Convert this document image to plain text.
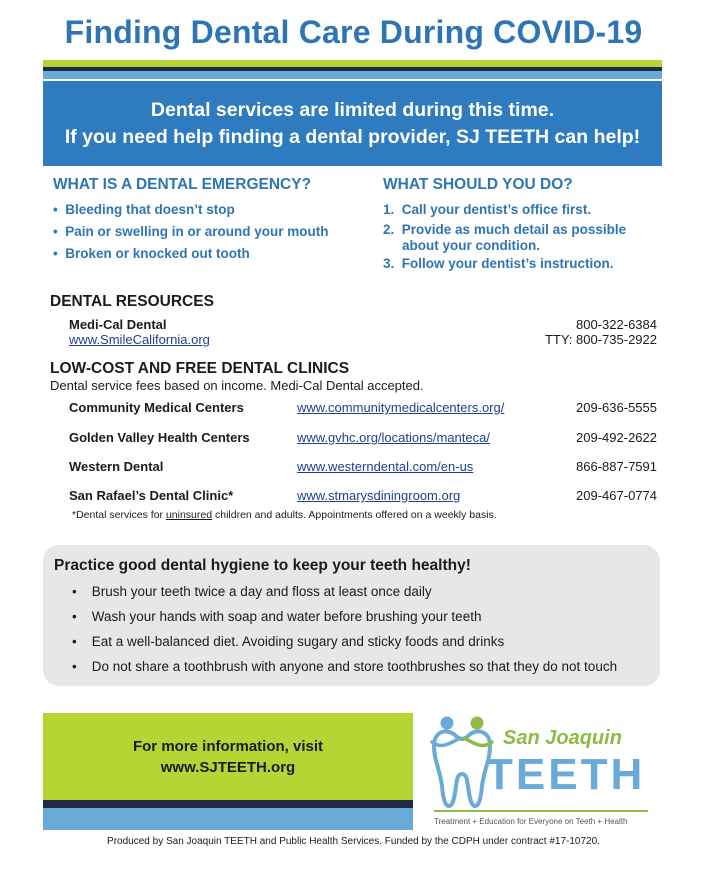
Finding Dental Care During COVID-19
Dental services are limited during this time.
If you need help finding a dental provider, SJ TEETH can help!
WHAT IS A DENTAL EMERGENCY?
•  Bleeding that doesn’t stop
•  Pain or swelling in or around your mouth
•  Broken or knocked out tooth
WHAT SHOULD YOU DO?
1. Call your dentist’s office first.
2. Provide as much detail as possible
about your condition.
3. Follow your dentist’s instruction.
DENTAL RESOURCES
Medi-Cal Dental
www.SmileCalifornia.org
800-322-6384
TTY: 800-735-2922
LOW-COST AND FREE DENTAL CLINICS
Dental service fees based on income. Medi-Cal Dental accepted.
Community Medical Centers	www.communitymedicalcenters.org/	209-636-5555
Golden Valley Health Centers	www.gvhc.org/locations/manteca/	209-492-2622
Western Dental	www.westerndental.com/en-us	866-887-7591
San Rafael’s Dental Clinic*	www.stmarysdiningroom.org	209-467-0774
*Dental services for uninsured children and adults. Appointments offered on a weekly basis.
Practice good dental hygiene to keep your teeth healthy!
•    Brush your teeth twice a day and floss at least once daily
•    Wash your hands with soap and water before brushing your teeth
•    Eat a well-balanced diet. Avoiding sugary and sticky foods and drinks
•    Do not share a toothbrush with anyone and store toothbrushes so that they do not touch
For more information, visit
www.SJTEETH.org
San Joaquin
TEETH
Treatment + Education for Everyone on Teeth + Health
Produced by San Joaquin TEETH and Public Health Services. Funded by the CDPH under contract #17-10720.
